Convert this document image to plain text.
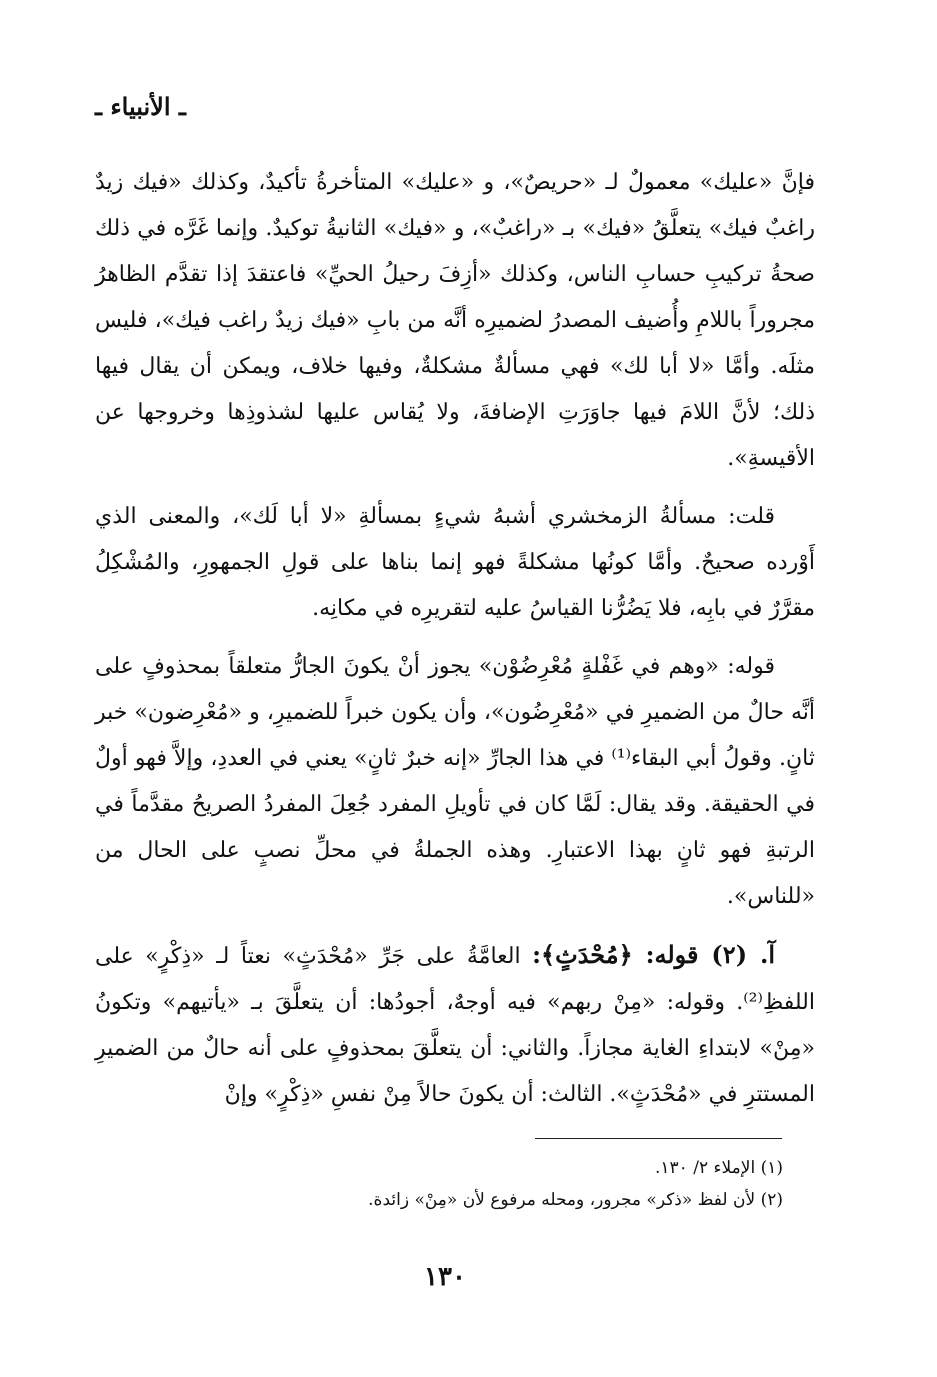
ـ الأنبياء ـ

فإنَّ «عليك» معمولٌ لـ «حريصٌ»، و «عليك» المتأخرةُ تأكيدٌ، وكذلك «فيك زيدٌ راغبٌ فيك» يتعلَّقُ «فيك» بـ «راغبٌ»، و «فيك» الثانيةُ توكيدٌ. وإنما غَرَّه في ذلك صحةُ تركيبِ حسابِ الناس، وكذلك «أزِفَ رحيلُ الحيِّ» فاعتقدَ إذا تقدَّم الظاهرُ مجروراً باللامِ وأُضيف المصدرُ لضميرِه أنَّه من بابِ «فيك زيدٌ راغب فيك»، فليس مثلَه. وأمَّا «لا أبا لك» فهي مسألةٌ مشكلةٌ، وفيها خلاف، ويمكن أن يقال فيها ذلك؛ لأنَّ اللامَ فيها جاوَرَتِ الإضافةَ، ولا يُقاس عليها لشذوذِها وخروجها عن الأقيسةِ».

قلت: مسألةُ الزمخشري أشبهُ شيءٍ بمسألةِ «لا أبا لَك»، والمعنى الذي أَوْرده صحيحٌ. وأمَّا كونُها مشكلةً فهو إنما بناها على قولِ الجمهورِ، والمُشْكِلُ مقرَّرٌ في بابِه، فلا يَضُرُّنا القياسُ عليه لتقريرِه في مكانِه.

قوله: «وهم في غَفْلةٍ مُعْرِضُوْن» يجوز أنْ يكونَ الجارُّ متعلقاً بمحذوفٍ على أنَّه حالٌ من الضميرِ في «مُعْرِضُون»، وأن يكون خبراً للضميرِ، و «مُعْرِضون» خبر ثانٍ. وقولُ أبي البقاء⁽¹⁾ في هذا الجارِّ «إنه خبرٌ ثانٍ» يعني في العددِ، وإلاَّ فهو أولٌ في الحقيقة. وقد يقال: لَمَّا كان في تأويلِ المفرد جُعِلَ المفردُ الصريحُ مقدَّماً في الرتبةِ فهو ثانٍ بهذا الاعتبارِ. وهذه الجملةُ في محلِّ نصبٍ على الحال من «للناس».

آ. (٢) قوله: ﴿مُحْدَثٍ﴾: العامَّةُ على جَرِّ «مُحْدَثٍ» نعتاً لـ «ذِكْرٍ» على اللفظِ⁽²⁾. وقوله: «مِنْ ربهم» فيه أوجهٌ، أجودُها: أن يتعلَّقَ بـ «يأتيهم» وتكونُ «مِنْ» لابتداءِ الغاية مجازاً. والثاني: أن يتعلَّقَ بمحذوفٍ على أنه حالٌ من الضميرِ المستترِ في «مُحْدَثٍ». الثالث: أن يكونَ حالاً مِنْ نفسِ «ذِكْرٍ» وإنْ

(١) الإملاء ٢/ ١٣٠.

(٢) لأن لفظ «ذكر» مجرور، ومحله مرفوع لأن «مِنْ» زائدة.

١٣٠
